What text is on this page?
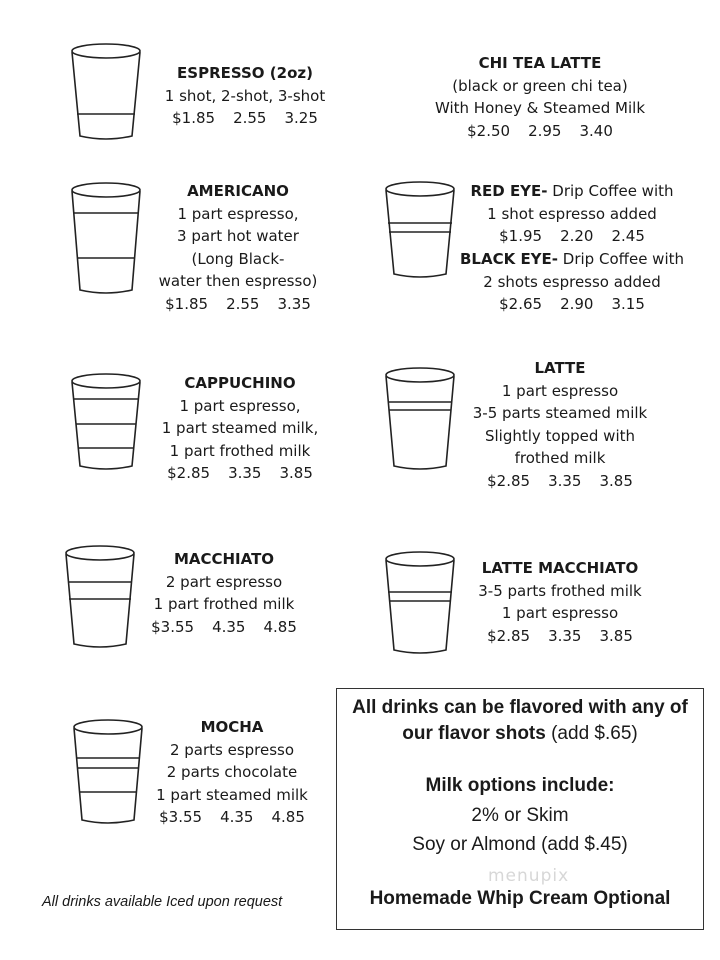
ESPRESSO (2oz)
1 shot, 2-shot, 3-shot
$1.85 2.55 3.25
AMERICANO
1 part espresso,
3 part hot water
(Long Black-
water then espresso)
$1.85 2.55 3.35
CAPPUCHINO
1 part espresso,
1 part steamed milk,
1 part frothed milk
$2.85 3.35 3.85
MACCHIATO
2 part espresso
1 part frothed milk
$3.55 4.35 4.85
MOCHA
2 parts espresso
2 parts chocolate
1 part steamed milk
$3.55 4.35 4.85
CHI TEA LATTE
(black or green chi tea)
With Honey & Steamed Milk
$2.50 2.95 3.40
RED EYE- Drip Coffee with
1 shot espresso added
$1.95 2.20 2.45
BLACK EYE- Drip Coffee with
2 shots espresso added
$2.65 2.90 3.15
LATTE
1 part espresso
3-5 parts steamed milk
Slightly topped with
frothed milk
$2.85 3.35 3.85
LATTE MACCHIATO
3-5 parts frothed milk
1 part espresso
$2.85 3.35 3.85

All drinks can be flavored with any of our flavor shots (add $.65)

Milk options include:

2% or Skim

Soy or Almond (add $.45)

Homemade Whip Cream Optional

menupix
All drinks available Iced upon request
